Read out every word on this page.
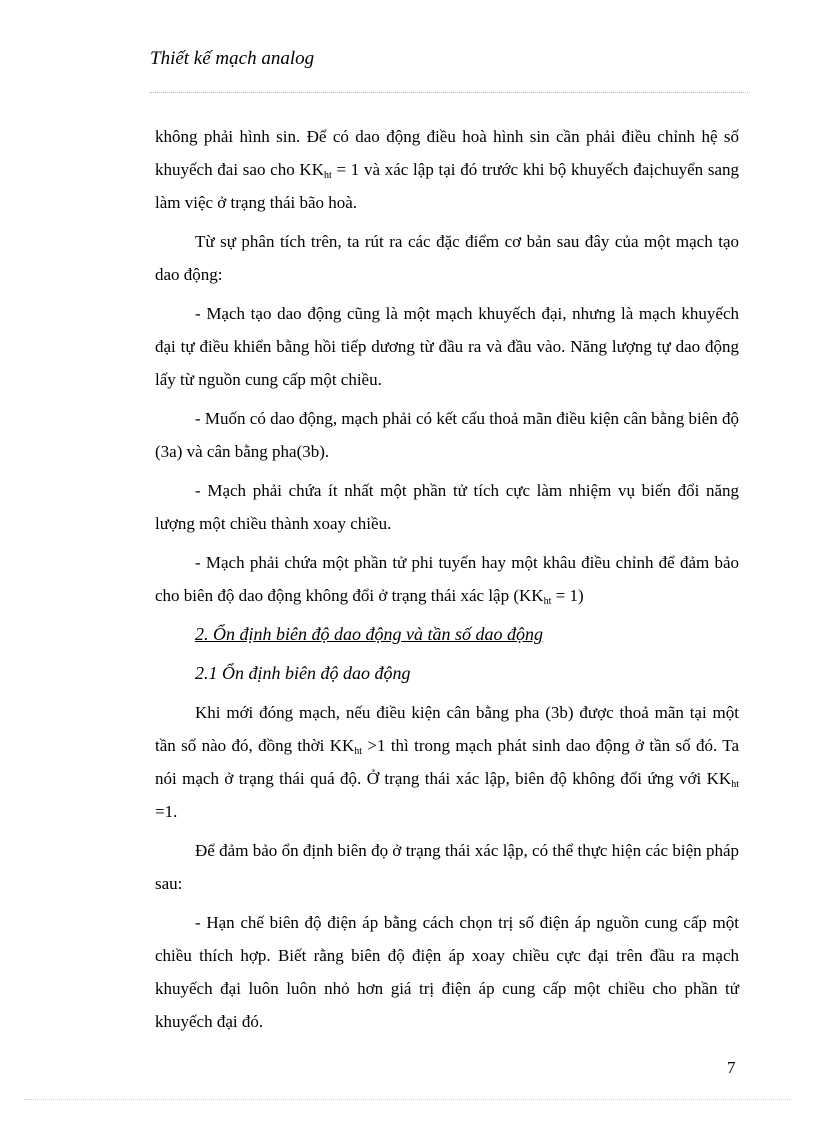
Thiết kế mạch analog

không phải hình sin. Để có dao động điều hoà hình sin cần phải điều chỉnh hệ số khuyếch đai sao cho $KK_{ht} = 1$ và xác lập tại đó trước khi bộ khuyếch đaịchuyển sang làm việc ở trạng thái bão hoà.

Từ sự phân tích trên, ta rút ra các đặc điểm cơ bản sau đây của một mạch tạo dao động:

- Mạch tạo dao động cũng là một mạch khuyếch đại, nhưng là mạch khuyếch đại tự điều khiển bằng hồi tiếp dương từ đầu ra và đầu vào. Năng lượng tự dao động lấy từ nguồn cung cấp một chiều.

- Muốn có dao động, mạch phải có kết cấu thoả mãn điều kiện cân bằng biên độ (3a) và cân bằng pha(3b).

- Mạch phải chứa ít nhất một phần tử tích cực làm nhiệm vụ biến đổi năng lượng một chiều thành xoay chiều.

- Mạch phải chứa một phần tử phi tuyến hay một khâu điều chỉnh để đảm bảo cho biên độ dao động không đổi ở trạng thái xác lập $(KK_{ht} = 1)$

2. Ổn định biên độ dao động và tần số dao động

2.1 Ổn định biên độ dao động

Khi mới đóng mạch, nếu điều kiện cân bằng pha (3b) được thoả mãn tại một tần số nào đó, đồng thời $KK_{ht} >1$ thì trong mạch phát sinh dao động ở tần số đó. Ta nói mạch ở trạng thái quá độ. Ở trạng thái xác lập, biên độ không đổi ứng với $KK_{ht} =1$.

Để đảm bảo ổn định biên đọ ở trạng thái xác lập, có thể thực hiện các biện pháp sau:

- Hạn chế biên độ điện áp bằng cách chọn trị số điện áp nguồn cung cấp một chiều thích hợp. Biết rằng biên độ điện áp xoay chiều cực đại trên đầu ra mạch khuyếch đại luôn luôn nhỏ hơn giá trị điện áp cung cấp một chiều cho phần tử khuyếch đại đó.

7
